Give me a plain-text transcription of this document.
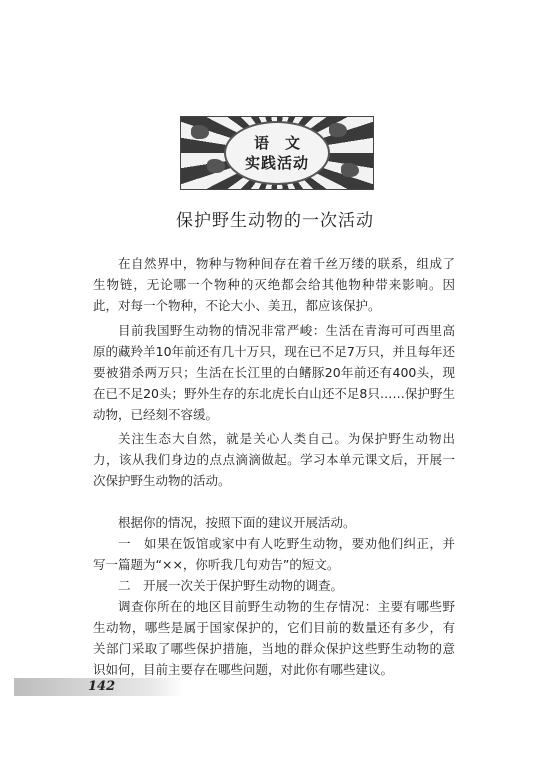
语文
实践活动
保护野生动物的一次活动

在自然界中，物种与物种间存在着千丝万缕的联系，组成了生物链，无论哪一个物种的灭绝都会给其他物种带来影响。因此，对每一个物种，不论大小、美丑，都应该保护。

目前我国野生动物的情况非常严峻：生活在青海可可西里高原的藏羚羊10年前还有几十万只，现在已不足7万只，并且每年还要被猎杀两万只；生活在长江里的白鳍豚20年前还有400头，现在已不足20头；野外生存的东北虎长白山还不足8只……保护野生动物，已经刻不容缓。

关注生态大自然，就是关心人类自己。为保护野生动物出力，该从我们身边的点点滴滴做起。学习本单元课文后，开展一次保护野生动物的活动。

根据你的情况，按照下面的建议开展活动。

一　如果在饭馆或家中有人吃野生动物，要劝他们纠正，并写一篇题为“××，你听我几句劝告”的短文。

二　开展一次关于保护野生动物的调查。

调查你所在的地区目前野生动物的生存情况：主要有哪些野生动物，哪些是属于国家保护的，它们目前的数量还有多少，有关部门采取了哪些保护措施，当地的群众保护这些野生动物的意识如何，目前主要存在哪些问题，对此你有哪些建议。

142
